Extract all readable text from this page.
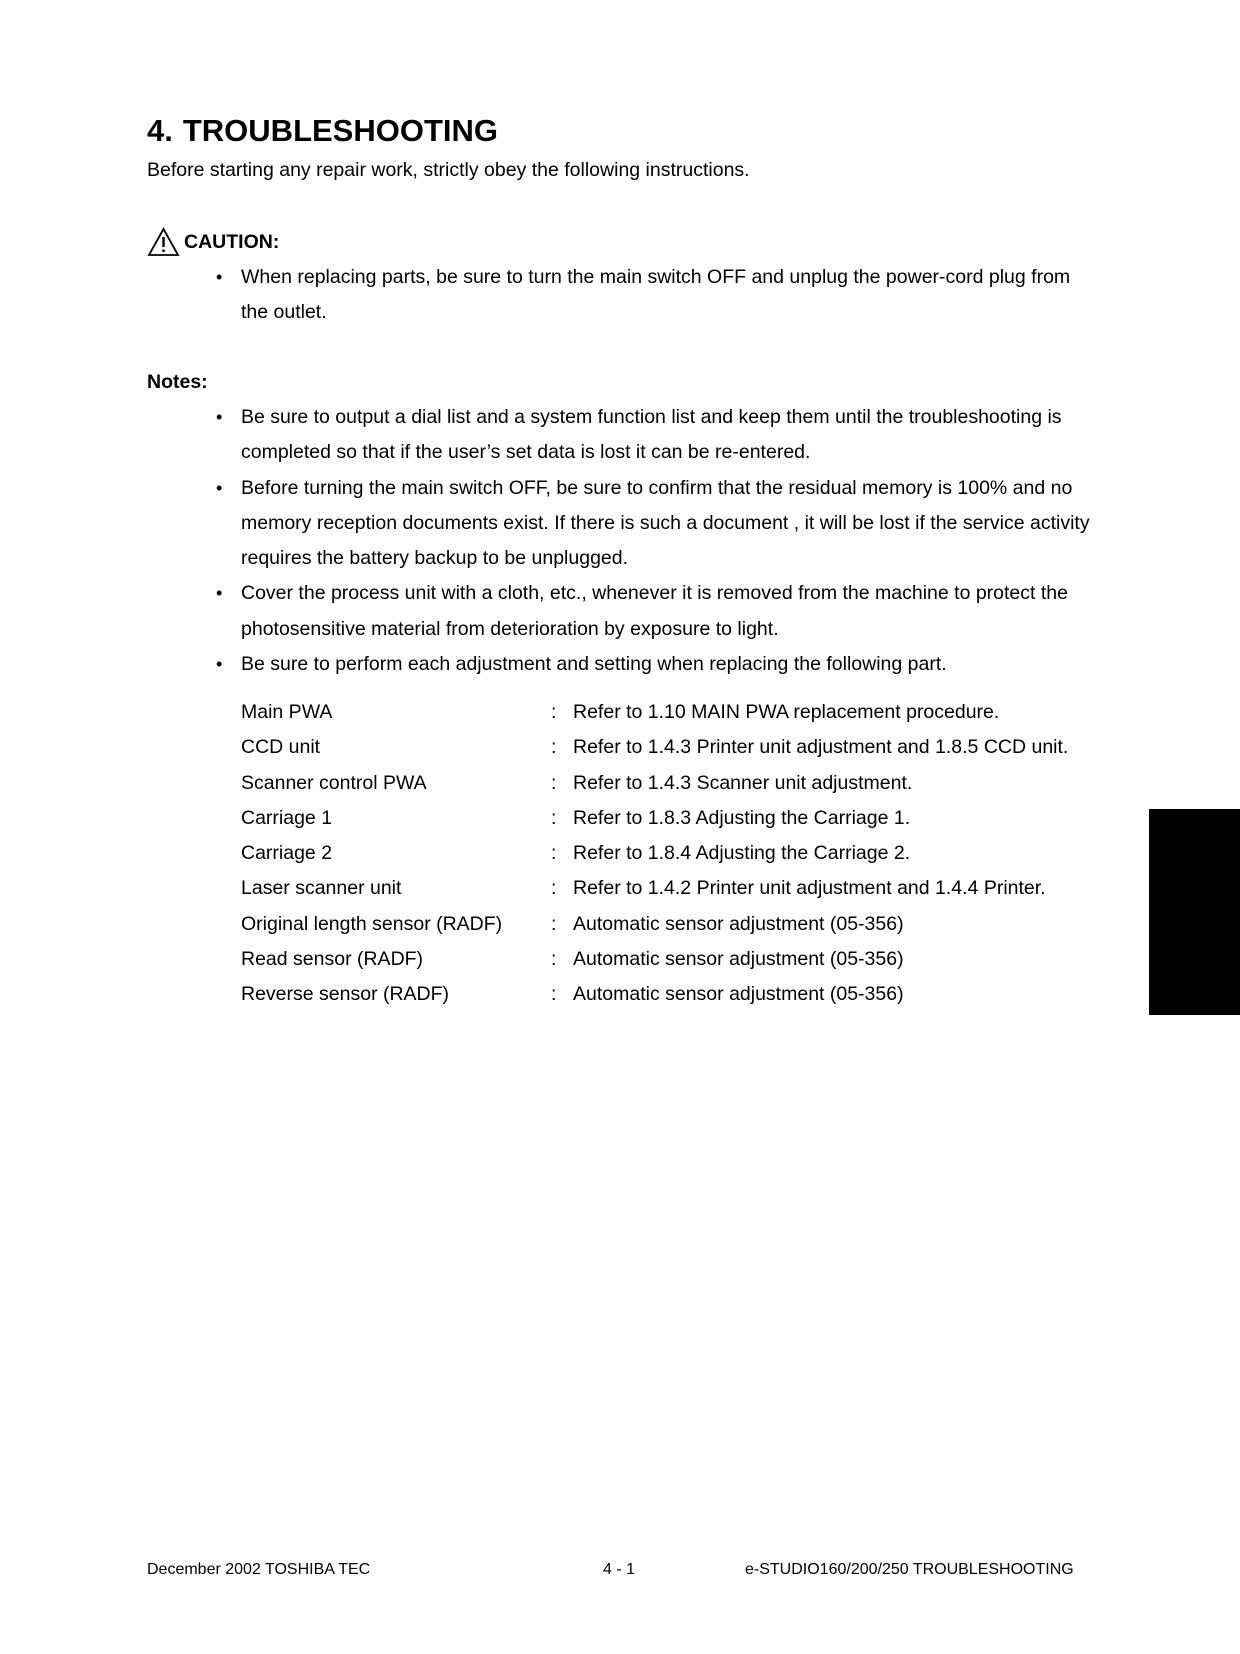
4. TROUBLESHOOTING

Before starting any repair work, strictly obey the following instructions.

CAUTION:
• When replacing parts, be sure to turn the main switch OFF and unplug the power-cord plug from the outlet.
Notes:
• Be sure to output a dial list and a system function list and keep them until the troubleshooting is completed so that if the user’s set data is lost it can be re-entered.
• Before turning the main switch OFF, be sure to confirm that the residual memory is 100% and no memory reception documents exist. If there is such a document , it will be lost if the service activity requires the battery backup to be unplugged.
• Cover the process unit with a cloth, etc., whenever it is removed from the machine to protect the photosensitive material from deterioration by exposure to light.
• Be sure to perform each adjustment and setting when replacing the following part.
Main PWA	:	Refer to 1.10 MAIN PWA replacement procedure.
CCD unit	:	Refer to 1.4.3 Printer unit adjustment and 1.8.5 CCD unit.
Scanner control PWA	:	Refer to 1.4.3 Scanner unit adjustment.
Carriage 1	:	Refer to 1.8.3 Adjusting the Carriage 1.
Carriage 2	:	Refer to 1.8.4 Adjusting the Carriage 2.
Laser scanner unit	:	Refer to 1.4.2 Printer unit adjustment and 1.4.4 Printer.
Original length sensor (RADF)	:	Automatic sensor adjustment (05-356)
Read sensor (RADF)	:	Automatic sensor adjustment (05-356)
Reverse sensor (RADF)	:	Automatic sensor adjustment (05-356)
December 2002 TOSHIBA TEC	4 - 1	e-STUDIO160/200/250 TROUBLESHOOTING
